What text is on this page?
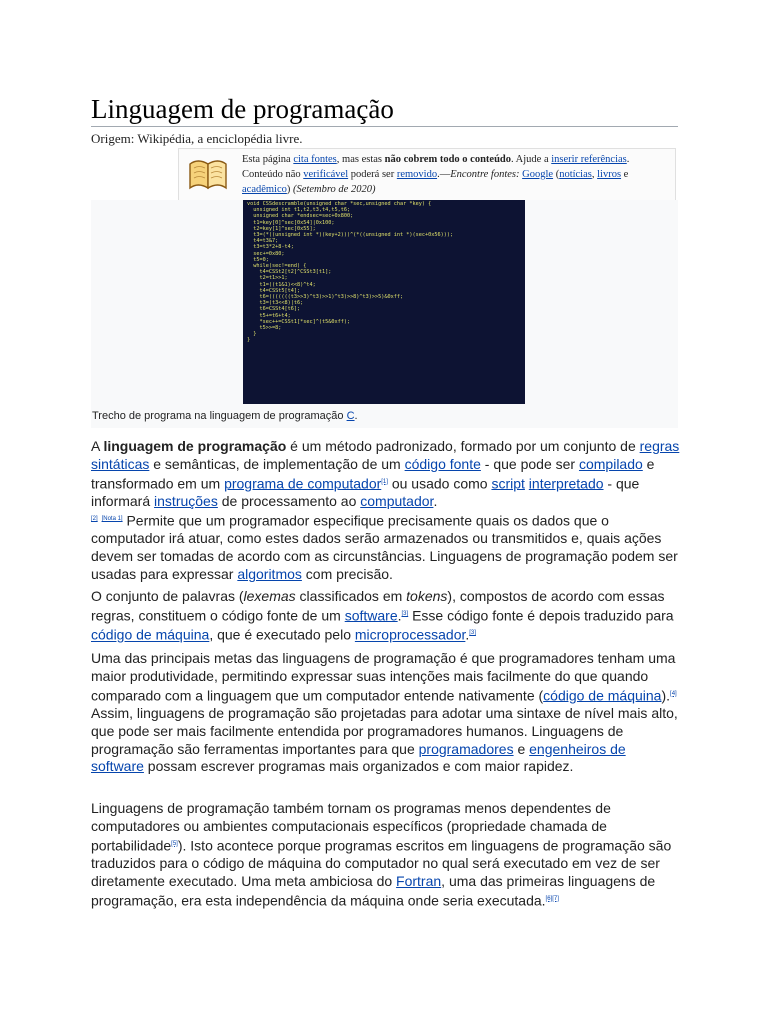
Linguagem de programação
Origem: Wikipédia, a enciclopédia livre.
Esta página cita fontes, mas estas não cobrem todo o conteúdo. Ajude a inserir referências. Conteúdo não verificável poderá ser removido.—Encontre fontes: Google (notícias, livros e acadêmico) (Setembro de 2020)
void CSSdescramble(unsigned char *sec,unsigned char *key) {
unsigned int t1,t2,t3,t4,t5,t6;
unsigned char *endsec=sec+0x800;
t1=key[0]^sec[0x54]|0x100;
t2=key[1]^sec[0x55];
t3=(*((unsigned int *)(key+2)))^(*((unsigned int *)(sec+0x56)));
t4=t3&7;
t3=t3*2+8-t4;
sec+=0x80;
t5=0;
while(sec!=end) {
t4=CSSt2[t2]^CSSt3[t1];
t2=t1>>1;
t1=((t1&1)<<8)^t4;
t4=CSSt5[t4];
t6=(((((((t3>>3)^t3)>>1)^t3)>>8)^t3)>>5)&0xff;
t3=(t3<<8)|t6;
t6=CSSt4[t6];
t5+=t6+t4;
*sec++=CSSt1[*sec]^(t5&0xff);
t5>>=8;
}
}

Trecho de programa na linguagem de programação C.

A linguagem de programação é um método padronizado, formado por um conjunto de regras sintáticas e semânticas, de implementação de um código fonte - que pode ser compilado e transformado em um programa de computador[1] ou usado como script interpretado - que informará instruções de processamento ao computador.
[2] [Nota 1] Permite que um programador especifique precisamente quais os dados que o computador irá atuar, como estes dados serão armazenados ou transmitidos e, quais ações devem ser tomadas de acordo com as circunstâncias. Linguagens de programação podem ser usadas para expressar algoritmos com precisão.

O conjunto de palavras (lexemas classificados em tokens), compostos de acordo com essas regras, constituem o código fonte de um software.[3] Esse código fonte é depois traduzido para código de máquina, que é executado pelo microprocessador.[3]

Uma das principais metas das linguagens de programação é que programadores tenham uma maior produtividade, permitindo expressar suas intenções mais facilmente do que quando comparado com a linguagem que um computador entende nativamente (código de máquina).[4] Assim, linguagens de programação são projetadas para adotar uma sintaxe de nível mais alto, que pode ser mais facilmente entendida por programadores humanos. Linguagens de programação são ferramentas importantes para que programadores e engenheiros de software possam escrever programas mais organizados e com maior rapidez.

Linguagens de programação também tornam os programas menos dependentes de computadores ou ambientes computacionais específicos (propriedade chamada de portabilidade[5]). Isto acontece porque programas escritos em linguagens de programação são traduzidos para o código de máquina do computador no qual será executado em vez de ser diretamente executado. Uma meta ambiciosa do Fortran, uma das primeiras linguagens de programação, era esta independência da máquina onde seria executada.[6][7]
